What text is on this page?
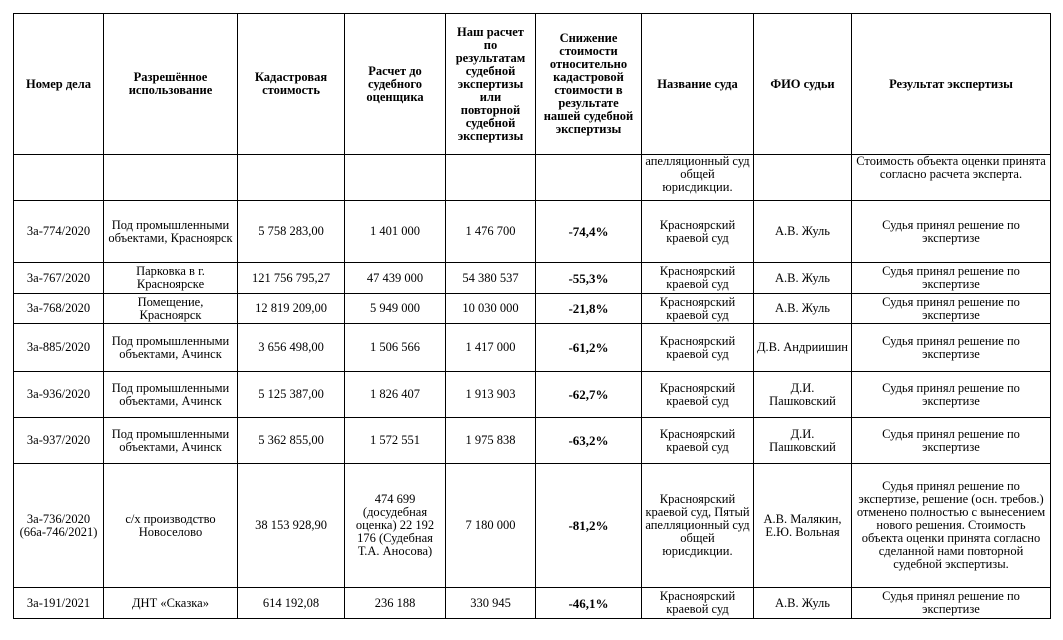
Номер дела	Разрешённое использование	Кадастровая стоимость	Расчет до судебного оценщика	Наш расчет по результатам судебной экспертизы или повторной судебной экспертизы	Снижение стоимости относительно кадастровой стоимости в результате нашей судебной экспертизы	Название суда	ФИО судьи	Результат экспертизы
						апелляционный суд общей юрисдикции.		Стоимость объекта оценки принята согласно расчета эксперта.
3а-774/2020	Под промышленными объектами, Красноярск	5 758 283,00	1 401 000	1 476 700	-74,4%	Красноярский краевой суд	А.В. Жуль	Судья принял решение по экспертизе
3а-767/2020	Парковка в г. Красноярске	121 756 795,27	47 439 000	54 380 537	-55,3%	Красноярский краевой суд	А.В. Жуль	Судья принял решение по экспертизе
3а-768/2020	Помещение, Красноярск	12 819 209,00	5 949 000	10 030 000	-21,8%	Красноярский краевой суд	А.В. Жуль	Судья принял решение по экспертизе
3а-885/2020	Под промышленными объектами, Ачинск	3 656 498,00	1 506 566	1 417 000	-61,2%	Красноярский краевой суд	Д.В. Андриишин	Судья принял решение по экспертизе
3а-936/2020	Под промышленными объектами, Ачинск	5 125 387,00	1 826 407	1 913 903	-62,7%	Красноярский краевой суд	Д.И. Пашковский	Судья принял решение по экспертизе
3а-937/2020	Под промышленными объектами, Ачинск	5 362 855,00	1 572 551	1 975 838	-63,2%	Красноярский краевой суд	Д.И. Пашковский	Судья принял решение по экспертизе
3а-736/2020 (66а-746/2021)	с/х производство Новоселово	38 153 928,90	474 699 (досудебная оценка) 22 192 176 (Судебная Т.А. Аносова)	7 180 000	-81,2%	Красноярский краевой суд, Пятый апелляционный суд общей юрисдикции.	А.В. Малякин, Е.Ю. Вольная	Судья принял решение по экспертизе, решение (осн. требов.) отменено полностью с вынесением нового решения. Стоимость объекта оценки принята согласно сделанной нами повторной судебной экспертизы.
3а-191/2021	ДНТ «Сказка»	614 192,08	236 188	330 945	-46,1%	Красноярский краевой суд	А.В. Жуль	Судья принял решение по экспертизе
